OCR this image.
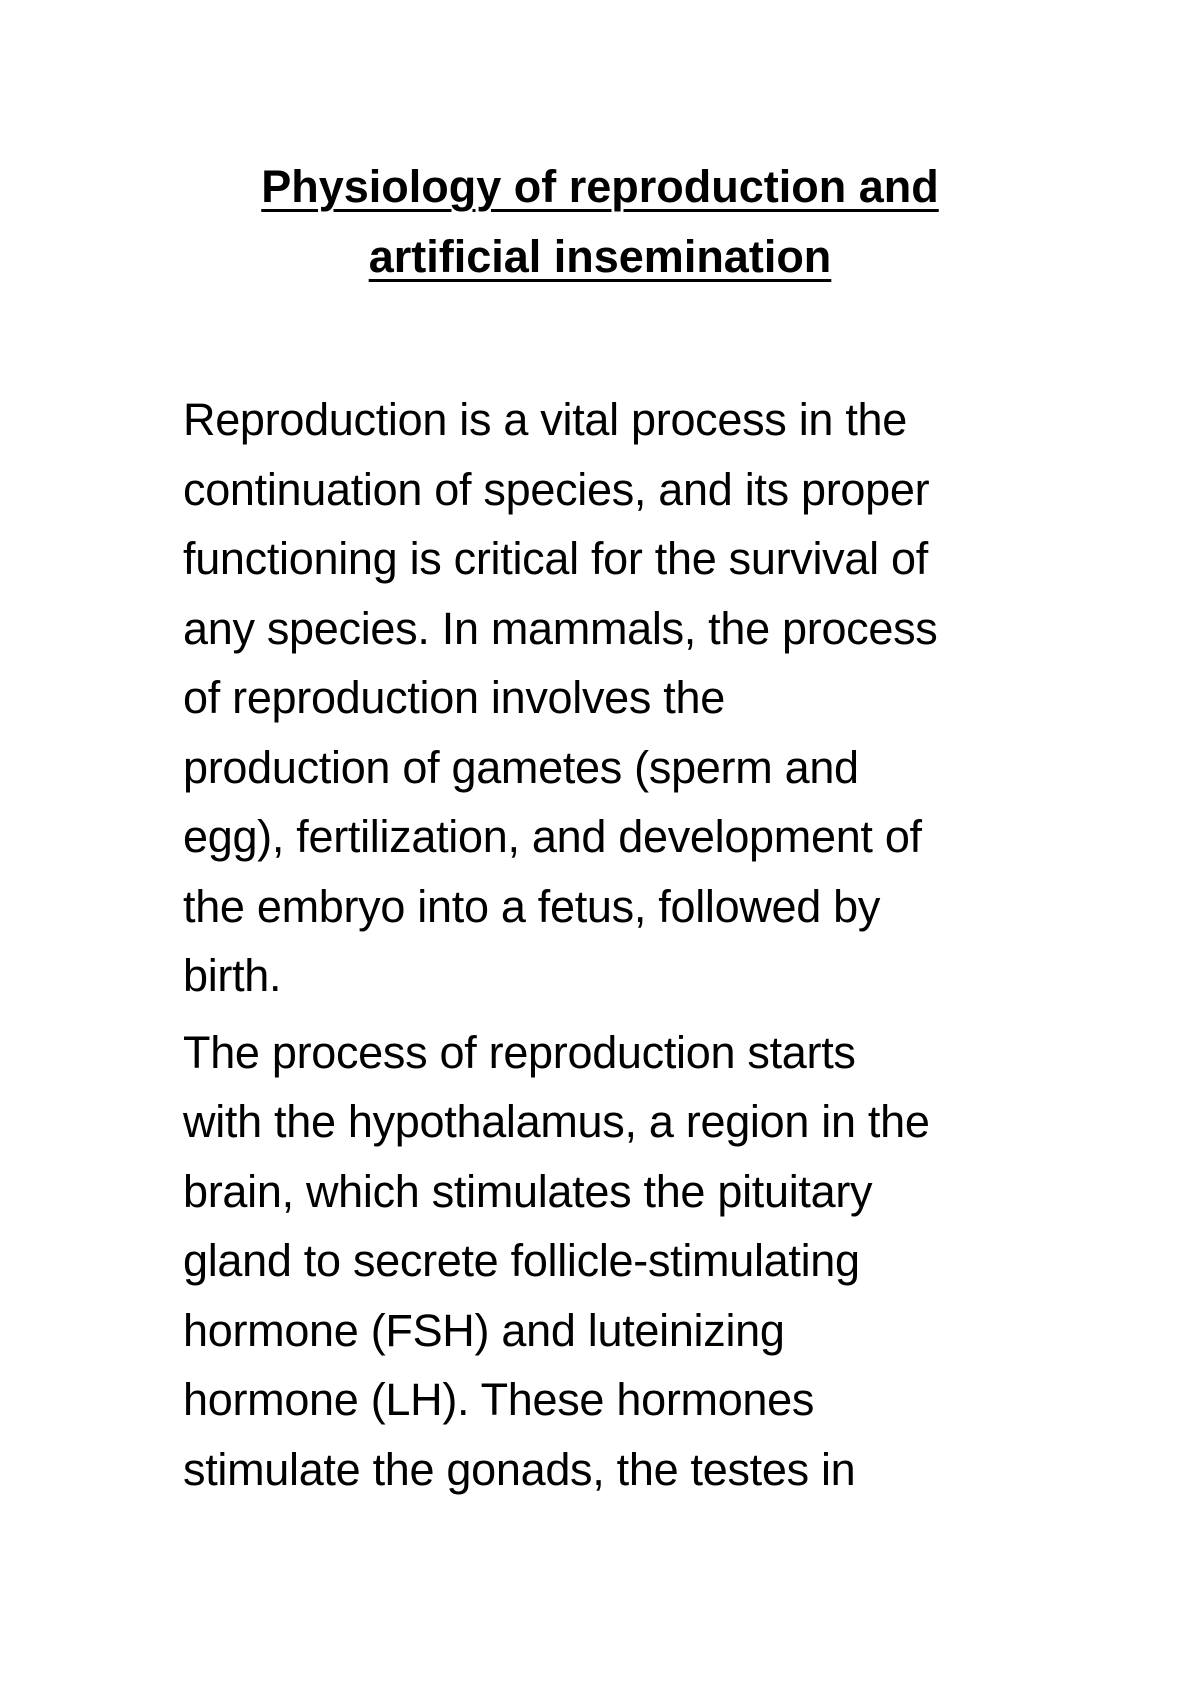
Physiology of reproduction and
artificial insemination

Reproduction is a vital process in the
continuation of species, and its proper
functioning is critical for the survival of
any species. In mammals, the process
of reproduction involves the
production of gametes (sperm and
egg), fertilization, and development of
the embryo into a fetus, followed by
birth.

The process of reproduction starts
with the hypothalamus, a region in the
brain, which stimulates the pituitary
gland to secrete follicle-stimulating
hormone (FSH) and luteinizing
hormone (LH). These hormones
stimulate the gonads, the testes in
